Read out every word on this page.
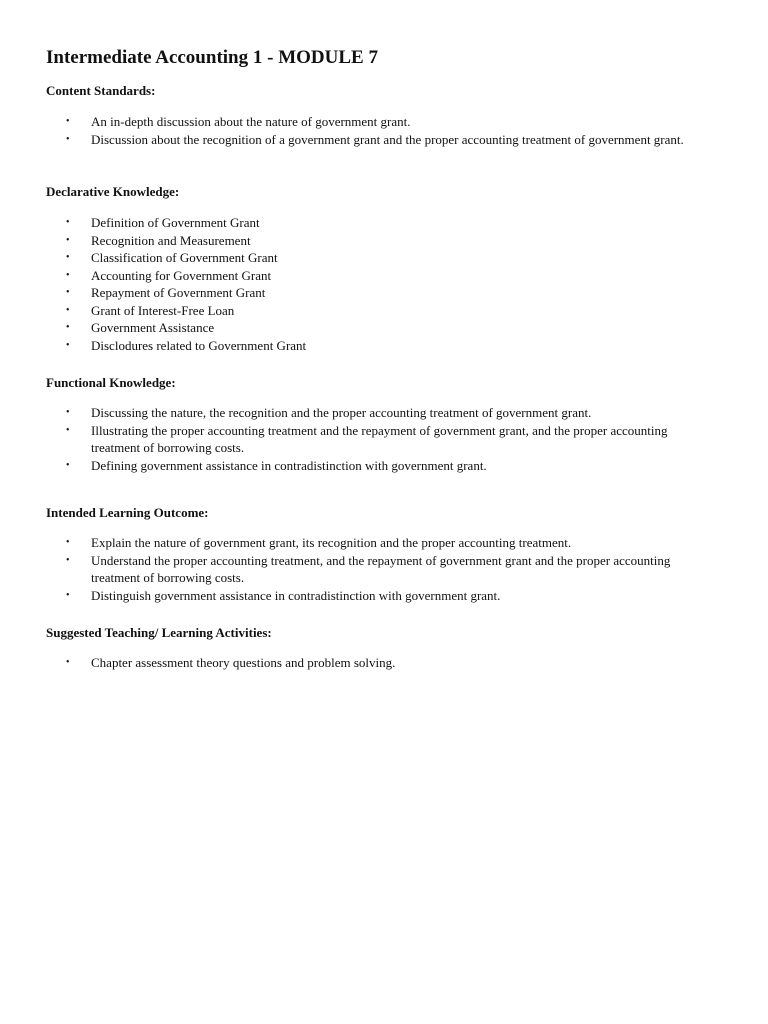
Intermediate Accounting 1 - MODULE 7
Content Standards:
• An in-depth discussion about the nature of government grant.
• Discussion about the recognition of a government grant and the proper accounting treatment of government grant.
Declarative Knowledge:
• Definition of Government Grant
• Recognition and Measurement
• Classification of Government Grant
• Accounting for Government Grant
• Repayment of Government Grant
• Grant of Interest-Free Loan
• Government Assistance
• Disclodures related to Government Grant
Functional Knowledge:
• Discussing the nature, the recognition and the proper accounting treatment of government grant.
• Illustrating the proper accounting treatment and the repayment of government grant, and the proper accounting treatment of borrowing costs.
• Defining government assistance in contradistinction with government grant.
Intended Learning Outcome:
• Explain the nature of government grant, its recognition and the proper accounting treatment.
• Understand the proper accounting treatment, and the repayment of government grant and the proper accounting treatment of borrowing costs.
• Distinguish government assistance in contradistinction with government grant.
Suggested Teaching/ Learning Activities:
• Chapter assessment theory questions and problem solving.
